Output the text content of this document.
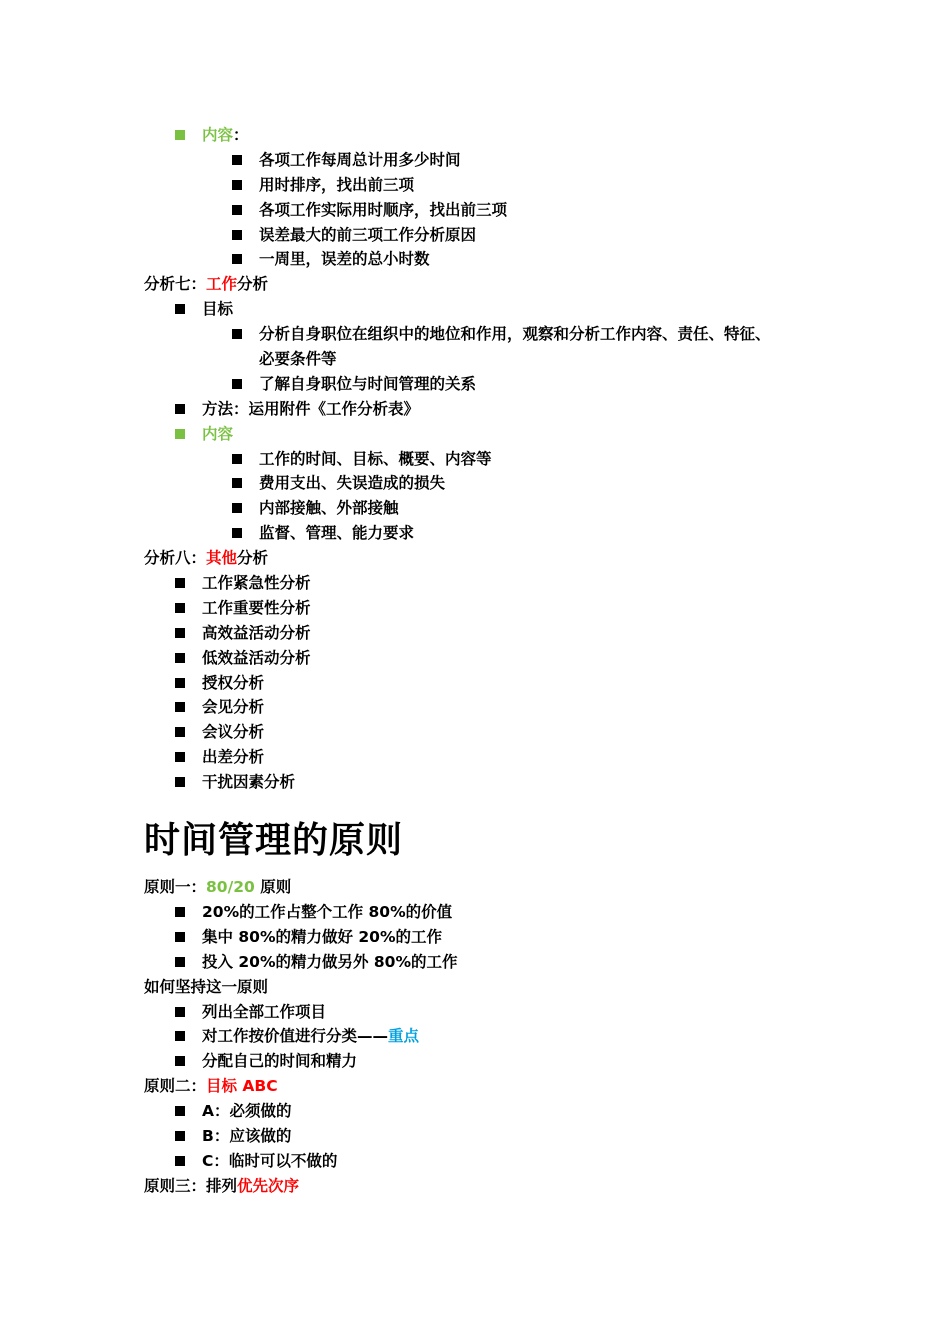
内容：
各项工作每周总计用多少时间
用时排序，找出前三项
各项工作实际用时顺序，找出前三项
误差最大的前三项工作分析原因
一周里，误差的总小时数
分析七：工作分析
目标
分析自身职位在组织中的地位和作用，观察和分析工作内容、责任、特征、
必要条件等
了解自身职位与时间管理的关系
方法：运用附件《工作分析表》
内容
工作的时间、目标、概要、内容等
费用支出、失误造成的损失
内部接触、外部接触
监督、管理、能力要求
分析八：其他分析
工作紧急性分析
工作重要性分析
高效益活动分析
低效益活动分析
授权分析
会见分析
会议分析
出差分析
干扰因素分析
时间管理的原则
原则一：80/20 原则
20%的工作占整个工作 80%的价值
集中 80%的精力做好 20%的工作
投入 20%的精力做另外 80%的工作
如何坚持这一原则
列出全部工作项目
对工作按价值进行分类——重点
分配自己的时间和精力
原则二：目标 ABC
A：必须做的
B：应该做的
C：临时可以不做的
原则三：排列优先次序
